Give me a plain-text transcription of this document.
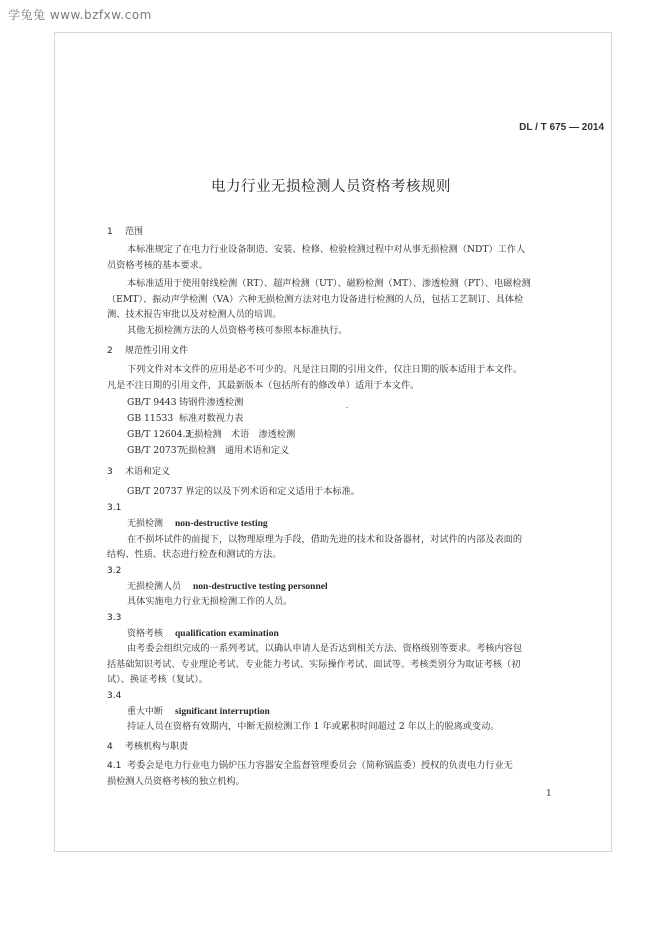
学兔兔 www.bzfxw.com
DL / T 675 — 2014
电力行业无损检测人员资格考核规则
1 范围
本标准规定了在电力行业设备制造、安装、检修、检验检测过程中对从事无损检测（NDT）工作人
员资格考核的基本要求。
本标准适用于使用射线检测（RT）、超声检测（UT）、磁粉检测（MT）、渗透检测（PT）、电磁检测
（EMT）、振动声学检测（VA）六种无损检测方法对电力设备进行检测的人员，包括工艺制订、具体检
测、技术报告审批以及对检测人员的培训。
其他无损检测方法的人员资格考核可参照本标准执行。
2 规范性引用文件
下列文件对本文件的应用是必不可少的。凡是注日期的引用文件，仅注日期的版本适用于本文件。
凡是不注日期的引用文件，其最新版本（包括所有的修改单）适用于本文件。
GB/T 9443 铸钢件渗透检测
GB 11533 标准对数视力表
GB/T 12604.3无损检测　术语　渗透检测
GB/T 20737无损检测　通用术语和定义
3 术语和定义
GB/T 20737 界定的以及下列术语和定义适用于本标准。
3.1
无损检测 non-destructive testing
在不损坏试件的前提下，以物理原理为手段，借助先进的技术和设备器材，对试件的内部及表面的
结构、性质、状态进行检查和测试的方法。
3.2
无损检测人员 non-destructive testing personnel
具体实施电力行业无损检测工作的人员。
3.3
资格考核 qualification examination
由考委会组织完成的一系列考试，以确认申请人是否达到相关方法、资格级别等要求。考核内容包
括基础知识考试、专业理论考试、专业能力考试、实际操作考试、面试等。考核类别分为取证考核（初
试）、换证考核（复试）。
3.4
重大中断 significant interruption
持证人员在资格有效期内，中断无损检测工作 1 年或累积时间超过 2 年以上的脱离或变动。
4 考核机构与职责
4.1 考委会是电力行业电力锅炉压力容器安全监督管理委员会（简称锅监委）授权的负责电力行业无
损检测人员资格考核的独立机构。
1
